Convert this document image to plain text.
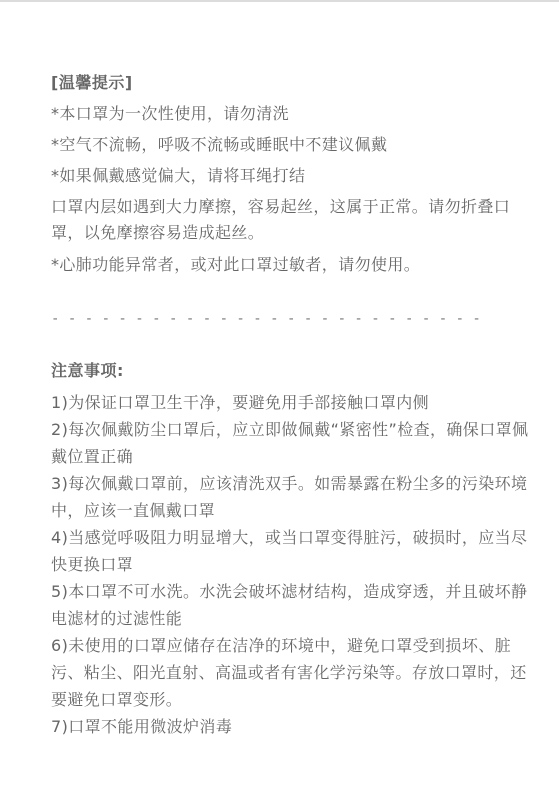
[温馨提示]
*本口罩为一次性使用，请勿清洗
*空气不流畅，呼吸不流畅或睡眠中不建议佩戴
*如果佩戴感觉偏大，请将耳绳打结
口罩内层如遇到大力摩擦，容易起丝，这属于正常。请勿折叠口罩，以免摩擦容易造成起丝。
*心肺功能异常者，或对此口罩过敏者，请勿使用。
- - - - - - - - - - - - - - - - - - - - - - - - - -
注意事项:
1)为保证口罩卫生干净，要避免用手部接触口罩内侧
2)每次佩戴防尘口罩后，应立即做佩戴“紧密性”检查，确保口罩佩戴位置正确
3)每次佩戴口罩前，应该清洗双手。如需暴露在粉尘多的污染环境中，应该一直佩戴口罩
4)当感觉呼吸阻力明显增大，或当口罩变得脏污，破损时，应当尽快更换口罩
5)本口罩不可水洗。水洗会破坏滤材结构，造成穿透，并且破坏静电滤材的过滤性能
6)未使用的口罩应储存在洁净的环境中，避免口罩受到损坏、脏污、粘尘、阳光直射、高温或者有害化学污染等。存放口罩时，还要避免口罩变形。
7)口罩不能用微波炉消毒
